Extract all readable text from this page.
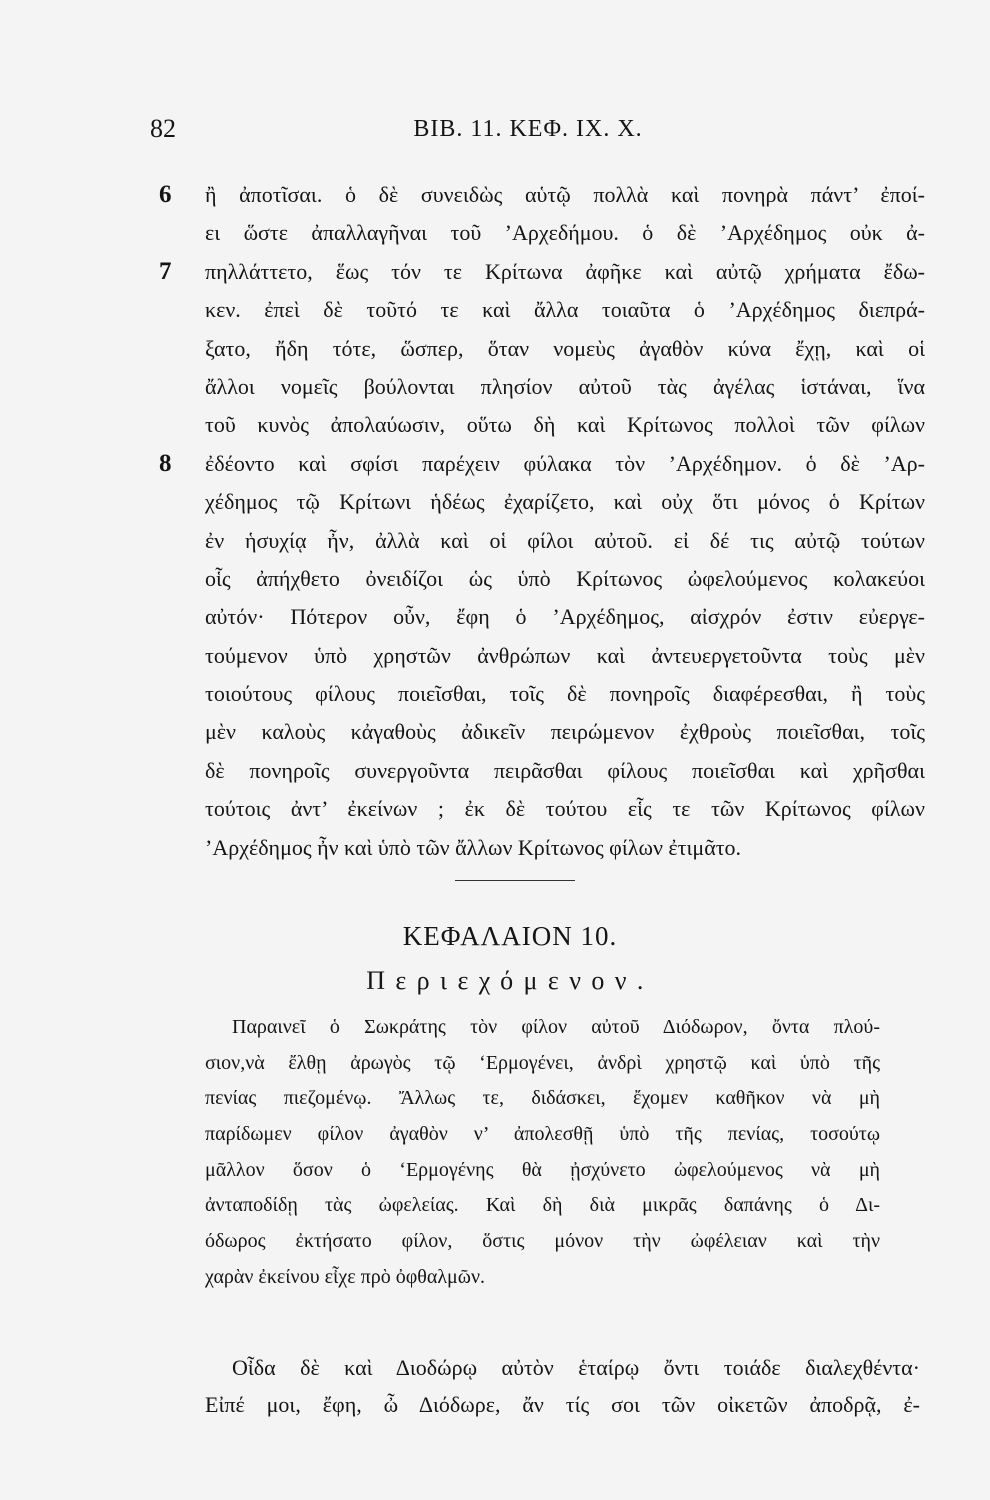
82	ΒΙΒ. 11. ΚΕΦ. ΙΧ. Χ.
6 ἢ ἀποτῖσαι. ὁ δὲ συνειδὼς αὑτῷ πολλὰ καὶ πονηρὰ πάντ’ ἐποί-
ει ὥστε ἀπαλλαγῆναι τοῦ ’Αρχεδήμου. ὁ δὲ ’Αρχέδημος οὐκ ἀ-
7 πηλλάττετο, ἕως τόν τε Κρίτωνα ἀφῆκε καὶ αὐτῷ χρήματα ἔδω-
κεν. ἐπεὶ δὲ τοῦτό τε καὶ ἄλλα τοιαῦτα ὁ ’Αρχέδημος διεπρά-
ξατο, ἤδη τότε, ὥσπερ, ὅταν νομεὺς ἀγαθὸν κύνα ἔχῃ, καὶ οἱ
ἄλλοι νομεῖς βούλονται πλησίον αὐτοῦ τὰς ἀγέλας ἱστάναι, ἵνα
τοῦ κυνὸς ἀπολαύωσιν, οὕτω δὴ καὶ Κρίτωνος πολλοὶ τῶν φίλων
8 ἐδέοντο καὶ σφίσι παρέχειν φύλακα τὸν ’Αρχέδημον. ὁ δὲ ’Αρ-
χέδημος τῷ Κρίτωνι ἡδέως ἐχαρίζετο, καὶ οὐχ ὅτι μόνος ὁ Κρίτων
ἐν ἡσυχίᾳ ἦν, ἀλλὰ καὶ οἱ φίλοι αὐτοῦ. εἰ δέ τις αὐτῷ τούτων
οἷς ἀπήχθετο ὀνειδίζοι ὡς ὑπὸ Κρίτωνος ὠφελούμενος κολακεύοι
αὐτόν· Πότερον οὖν, ἔφη ὁ ’Αρχέδημος, αἰσχρόν ἐστιν εὐεργε-
τούμενον ὑπὸ χρηστῶν ἀνθρώπων καὶ ἀντευεργετοῦντα τοὺς μὲν
τοιούτους φίλους ποιεῖσθαι, τοῖς δὲ πονηροῖς διαφέρεσθαι, ἢ τοὺς
μὲν καλοὺς κἀγαθοὺς ἀδικεῖν πειρώμενον ἐχθροὺς ποιεῖσθαι, τοῖς
δὲ πονηροῖς συνεργοῦντα πειρᾶσθαι φίλους ποιεῖσθαι καὶ χρῆσθαι
τούτοις ἀντ’ ἐκείνων ; ἐκ δὲ τούτου εἷς τε τῶν Κρίτωνος φίλων
’Αρχέδημος ἦν καὶ ὑπὸ τῶν ἄλλων Κρίτωνος φίλων ἐτιμᾶτο.
ΚΕΦΑΛΑΙΟΝ 10.
Περιεχόμενον.
Παραινεῖ ὁ Σωκράτης τὸν φίλον αὐτοῦ Διόδωρον, ὄντα πλού-
σιον,νὰ ἔλθῃ ἀρωγὸς τῷ ‘Ερμογένει, ἀνδρὶ χρηστῷ καὶ ὑπὸ τῆς
πενίας πιεζομένῳ. Ἄλλως τε, διδάσκει, ἔχομεν καθῆκον νὰ μὴ
παρίδωμεν φίλον ἀγαθὸν ν’ ἀπολεσθῇ ὑπὸ τῆς πενίας, τοσούτῳ
μᾶλλον ὅσον ὁ ‘Ερμογένης θὰ ᾐσχύνετο ὠφελούμενος νὰ μὴ
ἀνταποδίδῃ τὰς ὠφελείας. Καὶ δὴ διὰ μικρᾶς δαπάνης ὁ Δι-
όδωρος ἐκτήσατο φίλον, ὅστις μόνον τὴν ὠφέλειαν καὶ τὴν
χαρὰν ἐκείνου εἶχε πρὸ ὀφθαλμῶν.
Οἶδα δὲ καὶ Διοδώρῳ αὐτὸν ἑταίρῳ ὄντι τοιάδε διαλεχθέντα·
Εἰπέ μοι, ἔφη, ὦ Διόδωρε, ἄν τίς σοι τῶν οἰκετῶν ἀποδρᾷ, ἐ-
